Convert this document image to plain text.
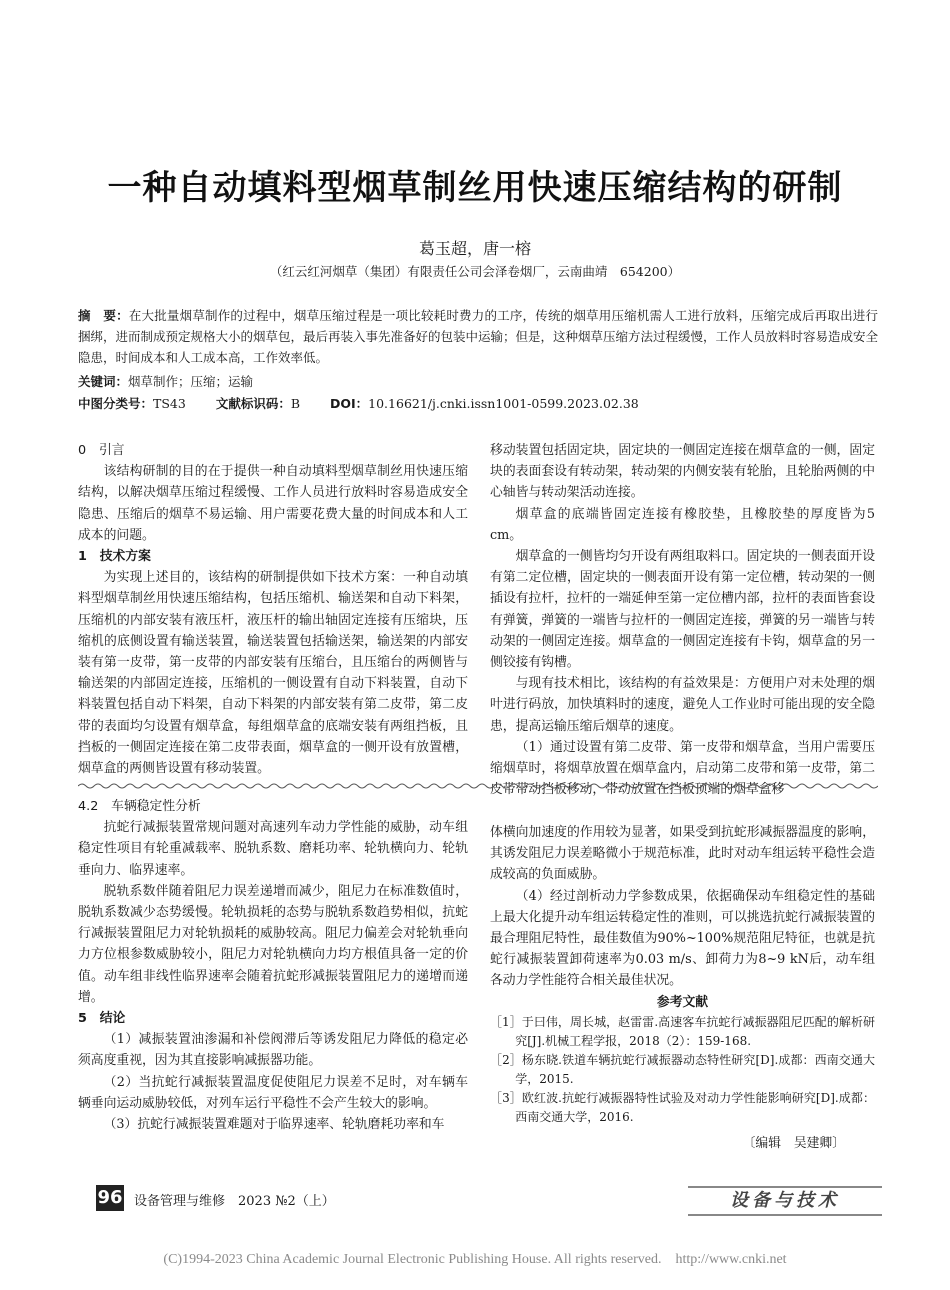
一种自动填料型烟草制丝用快速压缩结构的研制
葛玉超，唐一榕
（红云红河烟草（集团）有限责任公司会泽卷烟厂，云南曲靖　654200）
摘　要：在大批量烟草制作的过程中，烟草压缩过程是一项比较耗时费力的工序，传统的烟草用压缩机需人工进行放料，压缩完成后再取出进行捆绑，进而制成预定规格大小的烟草包，最后再装入事先准备好的包装中运输；但是，这种烟草压缩方法过程缓慢，工作人员放料时容易造成安全隐患，时间成本和人工成本高，工作效率低。
关键词：烟草制作；压缩；运输
中图分类号：TS43 文献标识码：B DOI：10.16621/j.cnki.issn1001-0599.2023.02.38
0　引言

该结构研制的目的在于提供一种自动填料型烟草制丝用快速压缩结构，以解决烟草压缩过程缓慢、工作人员进行放料时容易造成安全隐患、压缩后的烟草不易运输、用户需要花费大量的时间成本和人工成本的问题。

1　技术方案

为实现上述目的，该结构的研制提供如下技术方案：一种自动填料型烟草制丝用快速压缩结构，包括压缩机、输送架和自动下料架，压缩机的内部安装有液压杆，液压杆的输出轴固定连接有压缩块，压缩机的底侧设置有输送装置，输送装置包括输送架，输送架的内部安装有第一皮带，第一皮带的内部安装有压缩台，且压缩台的两侧皆与输送架的内部固定连接，压缩机的一侧设置有自动下料装置，自动下料装置包括自动下料架，自动下料架的内部安装有第二皮带，第二皮带的表面均匀设置有烟草盒，每组烟草盒的底端安装有两组挡板，且挡板的一侧固定连接在第二皮带表面，烟草盒的一侧开设有放置槽，烟草盒的两侧皆设置有移动装置。

移动装置包括固定块，固定块的一侧固定连接在烟草盒的一侧，固定块的表面套设有转动架，转动架的内侧安装有轮胎，且轮胎两侧的中心轴皆与转动架活动连接。

烟草盒的底端皆固定连接有橡胶垫，且橡胶垫的厚度皆为5 cm。

烟草盒的一侧皆均匀开设有两组取料口。固定块的一侧表面开设有第二定位槽，固定块的一侧表面开设有第一定位槽，转动架的一侧插设有拉杆，拉杆的一端延伸至第一定位槽内部，拉杆的表面皆套设有弹簧，弹簧的一端皆与拉杆的一侧固定连接，弹簧的另一端皆与转动架的一侧固定连接。烟草盒的一侧固定连接有卡钩，烟草盒的另一侧铰接有钩槽。

与现有技术相比，该结构的有益效果是：方便用户对未处理的烟叶进行码放，加快填料时的速度，避免人工作业时可能出现的安全隐患，提高运输压缩后烟草的速度。

（1）通过设置有第二皮带、第一皮带和烟草盒，当用户需要压缩烟草时，将烟草放置在烟草盒内，启动第二皮带和第一皮带，第二皮带带动挡板移动，带动放置在挡板顶端的烟草盒移

4.2　车辆稳定性分析

抗蛇行减振装置常规问题对高速列车动力学性能的威胁，动车组稳定性项目有轮重减载率、脱轨系数、磨耗功率、轮轨横向力、轮轨垂向力、临界速率。

脱轨系数伴随着阻尼力误差递增而减少，阻尼力在标准数值时，脱轨系数减少态势缓慢。轮轨损耗的态势与脱轨系数趋势相似，抗蛇行减振装置阻尼力对轮轨损耗的威胁较高。阻尼力偏差会对轮轨垂向力方位根参数威胁较小，阻尼力对轮轨横向力均方根值具备一定的价值。动车组非线性临界速率会随着抗蛇形减振装置阻尼力的递增而递增。

5　结论

（1）减振装置油渗漏和补偿阀滞后等诱发阻尼力降低的稳定必须高度重视，因为其直接影响减振器功能。

（2）当抗蛇行减振装置温度促使阻尼力误差不足时，对车辆车辆垂向运动威胁较低，对列车运行平稳性不会产生较大的影响。

（3）抗蛇行减振装置难题对于临界速率、轮轨磨耗功率和车

体横向加速度的作用较为显著，如果受到抗蛇形减振器温度的影响，其诱发阻尼力误差略微小于规范标准，此时对动车组运转平稳性会造成较高的负面威胁。

（4）经过剖析动力学参数成果，依据确保动车组稳定性的基础上最大化提升动车组运转稳定性的准则，可以挑选抗蛇行减振装置的最合理阻尼特性，最佳数值为90%~100%规范阻尼特征，也就是抗蛇行减振装置卸荷速率为0.03 m/s、卸荷力为8~9 kN后，动车组各动力学性能符合相关最佳状况。

参考文献

［1］于曰伟，周长城，赵雷雷.高速客车抗蛇行减振器阻尼匹配的解析研究[J].机械工程学报，2018（2）：159-168.

［2］杨东晓.铁道车辆抗蛇行减振器动态特性研究[D].成都：西南交通大学，2015.

［3］欧红波.抗蛇行减振器特性试验及对动力学性能影响研究[D].成都：西南交通大学，2016.

〔编辑　吴建卿〕

96 设备管理与维修　2023 №2（上）	设备与技术
(C)1994-2023 China Academic Journal Electronic Publishing House. All rights reserved.　http://www.cnki.net
